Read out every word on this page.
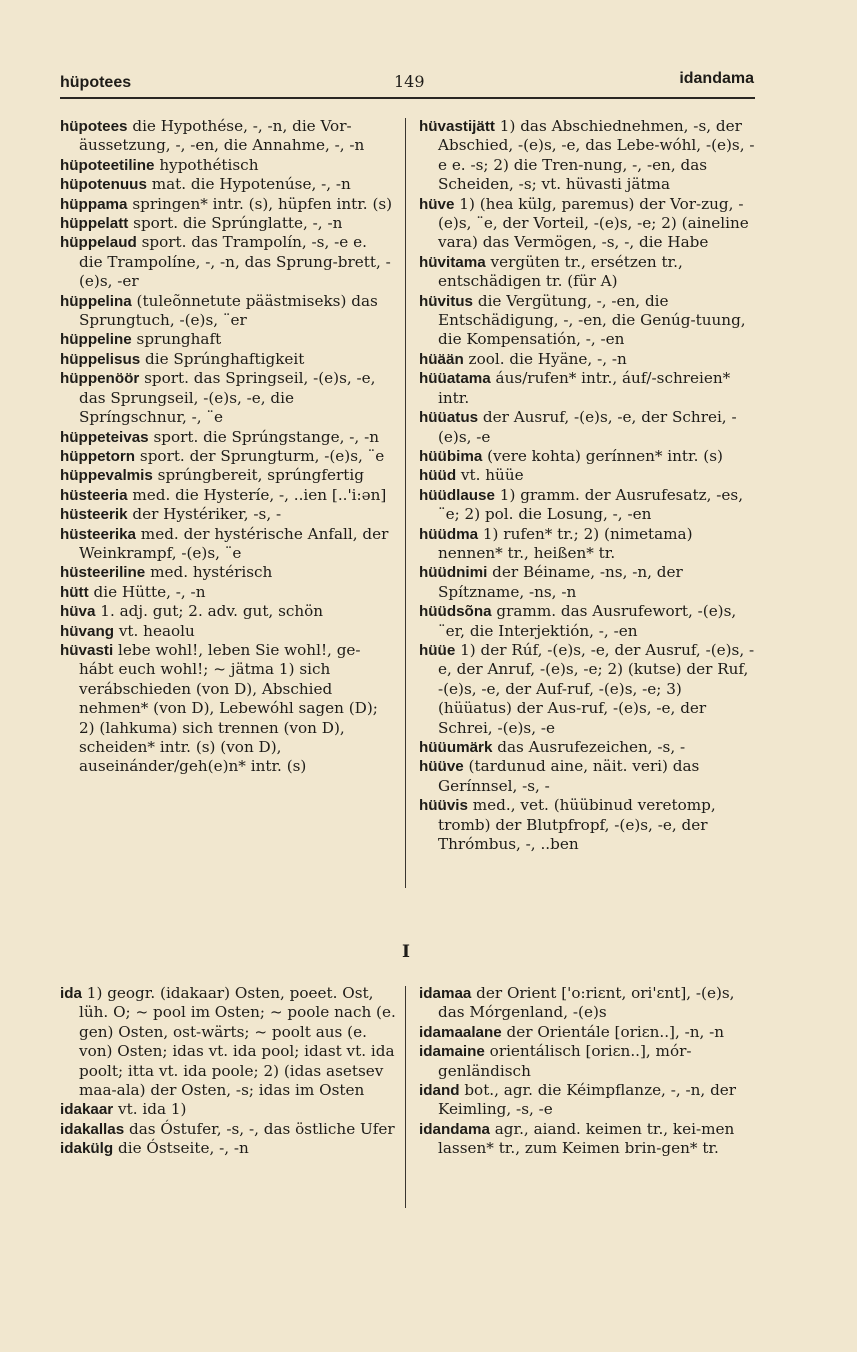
hüpotees	149	idandama
hüpotees die Hypothése, -, -n, die Vor-äussetzung, -, -en, die Annahme, -, -n
hüpoteetiline hypothétisch
hüpotenuus mat. die Hypotenúse, -, -n
hüppama springen* intr. (s), hüpfen intr. (s)
hüppelatt sport. die Sprúnglatte, -, -n
hüppelaud sport. das Trampolín, -s, -e e. die Trampolíne, -, -n, das Sprung-brett, -(e)s, -er
hüppelina (tuleõnnetute päästmiseks) das Sprungtuch, -(e)s, ¨er
hüppeline sprunghaft
hüppelisus die Sprúnghaftigkeit
hüppenöör sport. das Springseil, -(e)s, -e, das Sprungseil, -(e)s, -e, die Spríngschnur, -, ¨e
hüppeteivas sport. die Sprúngstange, -, -n
hüppetorn sport. der Sprungturm, -(e)s, ¨e
hüppevalmis sprúngbereit, sprúngfertig
hüsteeria med. die Hysteríe, -, ..ien [..'i:ən]
hüsteerik der Hystériker, -s, -
hüsteerika med. der hystérische Anfall, der Weinkrampf, -(e)s, ¨e
hüsteeriline med. hystérisch
hütt die Hütte, -, -n
hüva 1. adj. gut; 2. adv. gut, schön
hüvang vt. heaolu
hüvasti lebe wohl!, leben Sie wohl!, ge-hábt euch wohl!; ~ jätma 1) sich verábschieden (von D), Abschied nehmen* (von D), Lebewóhl sagen (D); 2) (lahkuma) sich trennen (von D), scheiden* intr. (s) (von D), auseinánder/geh(e)n* intr. (s)
hüvastijätt 1) das Abschiednehmen, -s, der Abschied, -(e)s, -e, das Lebe-wóhl, -(e)s, -e e. -s; 2) die Tren-nung, -, -en, das Scheiden, -s; vt. hüvasti jätma
hüve 1) (hea külg, paremus) der Vor-zug, -(e)s, ¨e, der Vorteil, -(e)s, -e; 2) (aineline vara) das Vermögen, -s, -, die Habe
hüvitama vergüten tr., ersétzen tr., entschädigen tr. (für A)
hüvitus die Vergütung, -, -en, die Entschädigung, -, -en, die Genúg-tuung, die Kompensatión, -, -en
hüään zool. die Hyäne, -, -n
hüüatama áus/rufen* intr., áuf/-schreien* intr.
hüüatus der Ausruf, -(e)s, -e, der Schrei, -(e)s, -e
hüübima (vere kohta) gerínnen* intr. (s)
hüüd vt. hüüe
hüüdlause 1) gramm. der Ausrufesatz, -es, ¨e; 2) pol. die Losung, -, -en
hüüdma 1) rufen* tr.; 2) (nimetama) nennen* tr., heißen* tr.
hüüdnimi der Béiname, -ns, -n, der Spítzname, -ns, -n
hüüdsõna gramm. das Ausrufewort, -(e)s, ¨er, die Interjektión, -, -en
hüüe 1) der Rúf, -(e)s, -e, der Ausruf, -(e)s, -e, der Anruf, -(e)s, -e; 2) (kutse) der Ruf, -(e)s, -e, der Auf-ruf, -(e)s, -e; 3) (hüüatus) der Aus-ruf, -(e)s, -e, der Schrei, -(e)s, -e
hüüumärk das Ausrufezeichen, -s, -
hüüve (tardunud aine, näit. veri) das Gerínnsel, -s, -
hüüvis med., vet. (hüübinud veretomp, tromb) der Blutpfropf, -(e)s, -e, der Thrómbus, -, ..ben
I
ida 1) geogr. (idakaar) Osten, poeet. Ost, lüh. O; ~ pool im Osten; ~ poole nach (e. gen) Osten, ost-wärts; ~ poolt aus (e. von) Osten; idas vt. ida pool; idast vt. ida poolt; itta vt. ida poole; 2) (idas asetsev maa-ala) der Osten, -s; idas im Osten
idakaar vt. ida 1)
idakallas das Óstufer, -s, -, das östliche Ufer
idakülg die Óstseite, -, -n
idamaa der Orient ['o:riɛnt, ori'ɛnt], -(e)s, das Mórgenland, -(e)s
idamaalane der Orientále [oriɛn..], -n, -n
idamaine orientálisch [oriɛn..], mór-genländisch
idand bot., agr. die Kéimpflanze, -, -n, der Keimling, -s, -e
idandama agr., aiand. keimen tr., kei-men lassen* tr., zum Keimen brin-gen* tr.
